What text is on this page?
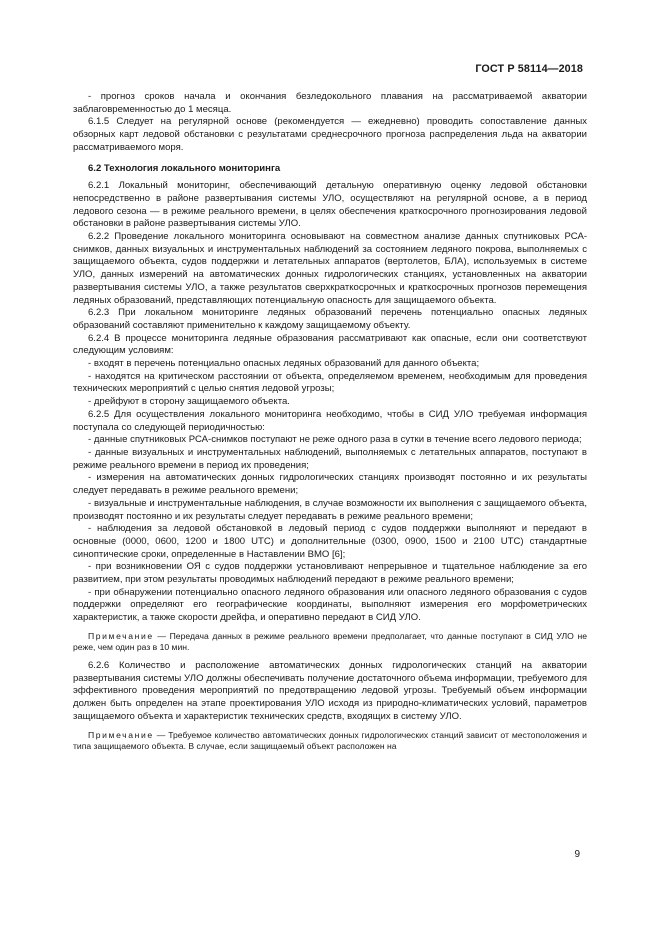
ГОСТ Р 58114—2018

- прогноз сроков начала и окончания безледокольного плавания на рассматриваемой акватории заблаговременностью до 1 месяца.

6.1.5 Следует на регулярной основе (рекомендуется — ежедневно) проводить сопоставление данных обзорных карт ледовой обстановки с результатами среднесрочного прогноза распределения льда на акватории рассматриваемого моря.

6.2 Технология локального мониторинга

6.2.1 Локальный мониторинг, обеспечивающий детальную оперативную оценку ледовой обстановки непосредственно в районе развертывания системы УЛО, осуществляют на регулярной основе, а в период ледового сезона — в режиме реального времени, в целях обеспечения краткосрочного прогнозирования ледовой обстановки в районе развертывания системы УЛО.

6.2.2 Проведение локального мониторинга основывают на совместном анализе данных спутниковых РСА-снимков, данных визуальных и инструментальных наблюдений за состоянием ледяного покрова, выполняемых с защищаемого объекта, судов поддержки и летательных аппаратов (вертолетов, БЛА), используемых в системе УЛО, данных измерений на автоматических донных гидрологических станциях, установленных на акватории развертывания системы УЛО, а также результатов сверхкраткосрочных и краткосрочных прогнозов перемещения ледяных образований, представляющих потенциальную опасность для защищаемого объекта.

6.2.3 При локальном мониторинге ледяных образований перечень потенциально опасных ледяных образований составляют применительно к каждому защищаемому объекту.

6.2.4 В процессе мониторинга ледяные образования рассматривают как опасные, если они соответствуют следующим условиям:

- входят в перечень потенциально опасных ледяных образований для данного объекта;

- находятся на критическом расстоянии от объекта, определяемом временем, необходимым для проведения технических мероприятий с целью снятия ледовой угрозы;

- дрейфуют в сторону защищаемого объекта.

6.2.5 Для осуществления локального мониторинга необходимо, чтобы в СИД УЛО требуемая информация поступала со следующей периодичностью:

- данные спутниковых РСА-снимков поступают не реже одного раза в сутки в течение всего ледового периода;

- данные визуальных и инструментальных наблюдений, выполняемых с летательных аппаратов, поступают в режиме реального времени в период их проведения;

- измерения на автоматических донных гидрологических станциях производят постоянно и их результаты следует передавать в режиме реального времени;

- визуальные и инструментальные наблюдения, в случае возможности их выполнения с защищаемого объекта, производят постоянно и их результаты следует передавать в режиме реального времени;

- наблюдения за ледовой обстановкой в ледовый период с судов поддержки выполняют и передают в основные (0000, 0600, 1200 и 1800 UTC) и дополнительные (0300, 0900, 1500 и 2100 UTC) стандартные синоптические сроки, определенные в Наставлении ВМО [6];

- при возникновении ОЯ с судов поддержки установливают непрерывное и тщательное наблюдение за его развитием, при этом результаты проводимых наблюдений передают в режиме реального времени;

- при обнаружении потенциально опасного ледяного образования или опасного ледяного образования с судов поддержки определяют его географические координаты, выполняют измерения его морфометрических характеристик, а также скорости дрейфа, и оперативно передают в СИД УЛО.

Примечание — Передача данных в режиме реального времени предполагает, что данные поступают в СИД УЛО не реже, чем один раз в 10 мин.

6.2.6 Количество и расположение автоматических донных гидрологических станций на акватории развертывания системы УЛО должны обеспечивать получение достаточного объема информации, требуемого для эффективного проведения мероприятий по предотвращению ледовой угрозы. Требуемый объем информации должен быть определен на этапе проектирования УЛО исходя из природно-климатических условий, параметров защищаемого объекта и характеристик технических средств, входящих в систему УЛО.

Примечание — Требуемое количество автоматических донных гидрологических станций зависит от местоположения и типа защищаемого объекта. В случае, если защищаемый объект расположен на

9
